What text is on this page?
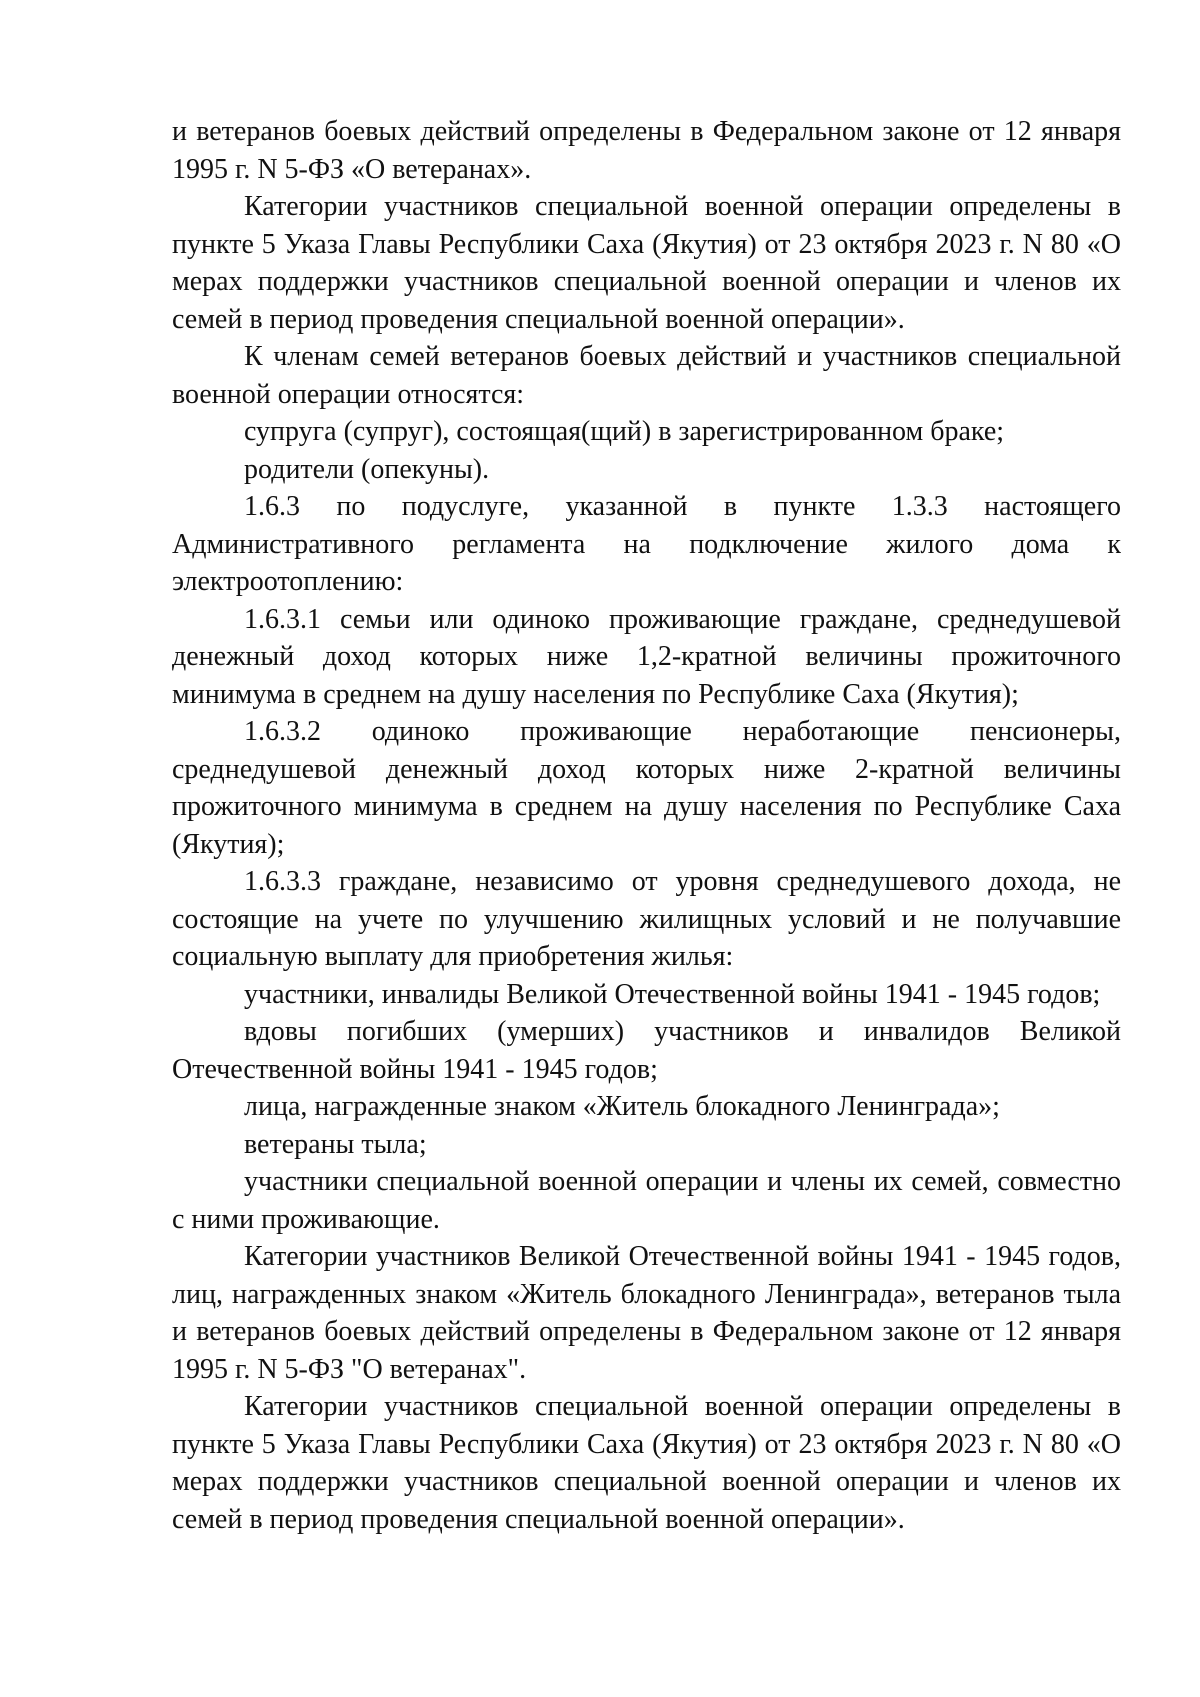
и ветеранов боевых действий определены в Федеральном законе от 12 января 1995 г. N 5-ФЗ «О ветеранах».

Категории участников специальной военной операции определены в пункте 5 Указа Главы Республики Саха (Якутия) от 23 октября 2023 г. N 80 «О мерах поддержки участников специальной военной операции и членов их семей в период проведения специальной военной операции».

К членам семей ветеранов боевых действий и участников специальной военной операции относятся:

супруга (супруг), состоящая(щий) в зарегистрированном браке;

родители (опекуны).

1.6.3 по подуслуге, указанной в пункте 1.3.3 настоящего Административного регламента на подключение жилого дома к электроотоплению:

1.6.3.1 семьи или одиноко проживающие граждане, среднедушевой денежный доход которых ниже 1,2-кратной величины прожиточного минимума в среднем на душу населения по Республике Саха (Якутия);

1.6.3.2 одиноко проживающие неработающие пенсионеры, среднедушевой денежный доход которых ниже 2-кратной величины прожиточного минимума в среднем на душу населения по Республике Саха (Якутия);

1.6.3.3 граждане, независимо от уровня среднедушевого дохода, не состоящие на учете по улучшению жилищных условий и не получавшие социальную выплату для приобретения жилья:

участники, инвалиды Великой Отечественной войны 1941 - 1945 годов;

вдовы погибших (умерших) участников и инвалидов Великой Отечественной войны 1941 - 1945 годов;

лица, награжденные знаком «Житель блокадного Ленинграда»;

ветераны тыла;

участники специальной военной операции и члены их семей, совместно с ними проживающие.

Категории участников Великой Отечественной войны 1941 - 1945 годов, лиц, награжденных знаком «Житель блокадного Ленинграда», ветеранов тыла и ветеранов боевых действий определены в Федеральном законе от 12 января 1995 г. N 5-ФЗ "О ветеранах".

Категории участников специальной военной операции определены в пункте 5 Указа Главы Республики Саха (Якутия) от 23 октября 2023 г. N 80 «О мерах поддержки участников специальной военной операции и членов их семей в период проведения специальной военной операции».
